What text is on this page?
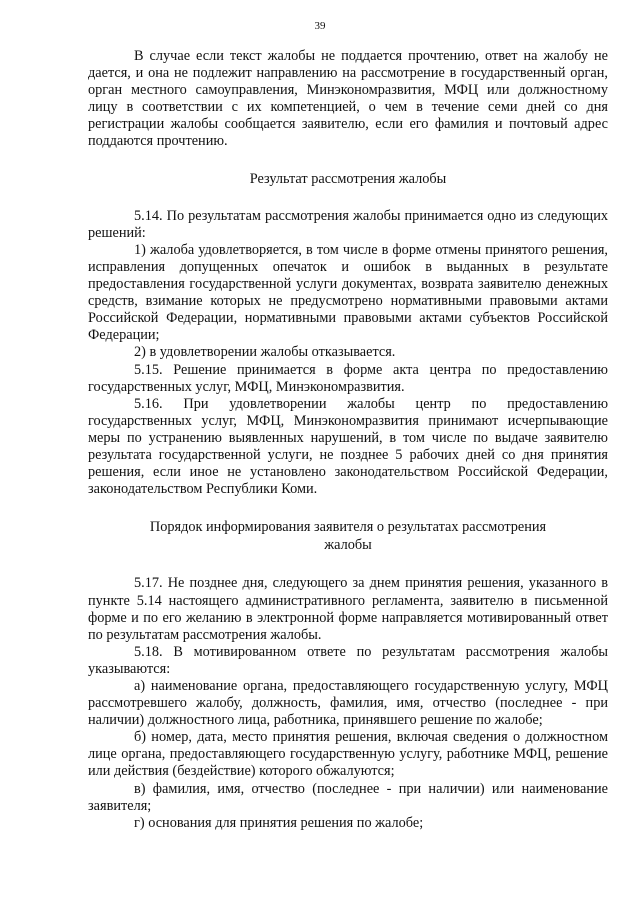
39

В случае если текст жалобы не поддается прочтению, ответ на жалобу не дается, и она не подлежит направлению на рассмотрение в государственный орган, орган местного самоуправления, Минэкономразвития, МФЦ или должностному лицу в соответствии с их компетенцией, о чем в течение семи дней со дня регистрации жалобы сообщается заявителю, если его фамилия и почтовый адрес поддаются прочтению.

Результат рассмотрения жалобы

5.14. По результатам рассмотрения жалобы принимается одно из следующих решений:

1) жалоба удовлетворяется, в том числе в форме отмены принятого решения, исправления допущенных опечаток и ошибок в выданных в результате предоставления государственной услуги документах, возврата заявителю денежных средств, взимание которых не предусмотрено нормативными правовыми актами Российской Федерации, нормативными правовыми актами субъектов Российской Федерации;

2) в удовлетворении жалобы отказывается.

5.15. Решение принимается в форме акта центра по предоставлению государственных услуг, МФЦ, Минэкономразвития.

5.16. При удовлетворении жалобы центр по предоставлению государственных услуг, МФЦ, Минэкономразвития принимают исчерпывающие меры по устранению выявленных нарушений, в том числе по выдаче заявителю результата государственной услуги, не позднее 5 рабочих дней со дня принятия решения, если иное не установлено законодательством Российской Федерации, законодательством Республики Коми.

Порядок информирования заявителя о результатах рассмотрения
жалобы

5.17. Не позднее дня, следующего за днем принятия решения, указанного в пункте 5.14 настоящего административного регламента, заявителю в письменной форме и по его желанию в электронной форме направляется мотивированный ответ по результатам рассмотрения жалобы.

5.18. В мотивированном ответе по результатам рассмотрения жалобы указываются:

а) наименование органа, предоставляющего государственную услугу, МФЦ рассмотревшего жалобу, должность, фамилия, имя, отчество (последнее - при наличии) должностного лица, работника, принявшего решение по жалобе;

б) номер, дата, место принятия решения, включая сведения о должностном лице органа, предоставляющего государственную услугу, работнике МФЦ, решение или действия (бездействие) которого обжалуются;

в) фамилия, имя, отчество (последнее - при наличии) или наименование заявителя;

г) основания для принятия решения по жалобе;
